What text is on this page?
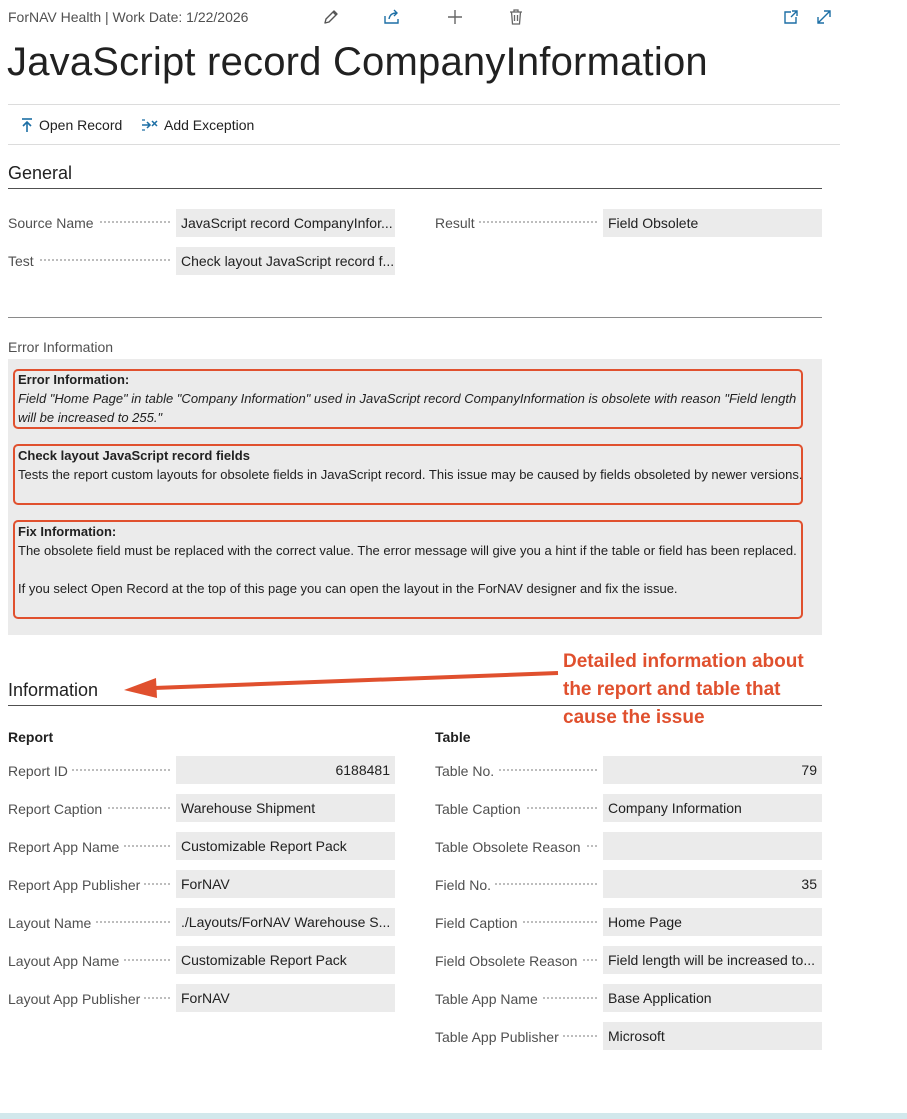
ForNAV Health | Work Date: 1/22/2026
JavaScript record CompanyInformation
Open Record	Add Exception
General
Source Name	JavaScript record CompanyInfor...
Test	Check layout JavaScript record f...
Result	Field Obsolete
Error Information
Error Information:
Field "Home Page" in table "Company Information" used in JavaScript record CompanyInformation is obsolete with reason "Field length will be increased to 255."
Check layout JavaScript record fields
Tests the report custom layouts for obsolete fields in JavaScript record. This issue may be caused by fields obsoleted by newer versions.
Fix Information:
The obsolete field must be replaced with the correct value. The error message will give you a hint if the table or field has been replaced.
If you select Open Record at the top of this page you can open the layout in the ForNAV designer and fix the issue.
Information
Detailed information about
the report and table that
cause the issue
Report	Table
Report ID	6188481
Report Caption	Warehouse Shipment
Report App Name	Customizable Report Pack
Report App Publisher	ForNAV
Layout Name	./Layouts/ForNAV Warehouse S...
Layout App Name	Customizable Report Pack
Layout App Publisher	ForNAV
Table No.	79
Table Caption	Company Information
Table Obsolete Reason
Field No.	35
Field Caption	Home Page
Field Obsolete Reason	Field length will be increased to...
Table App Name	Base Application
Table App Publisher	Microsoft
